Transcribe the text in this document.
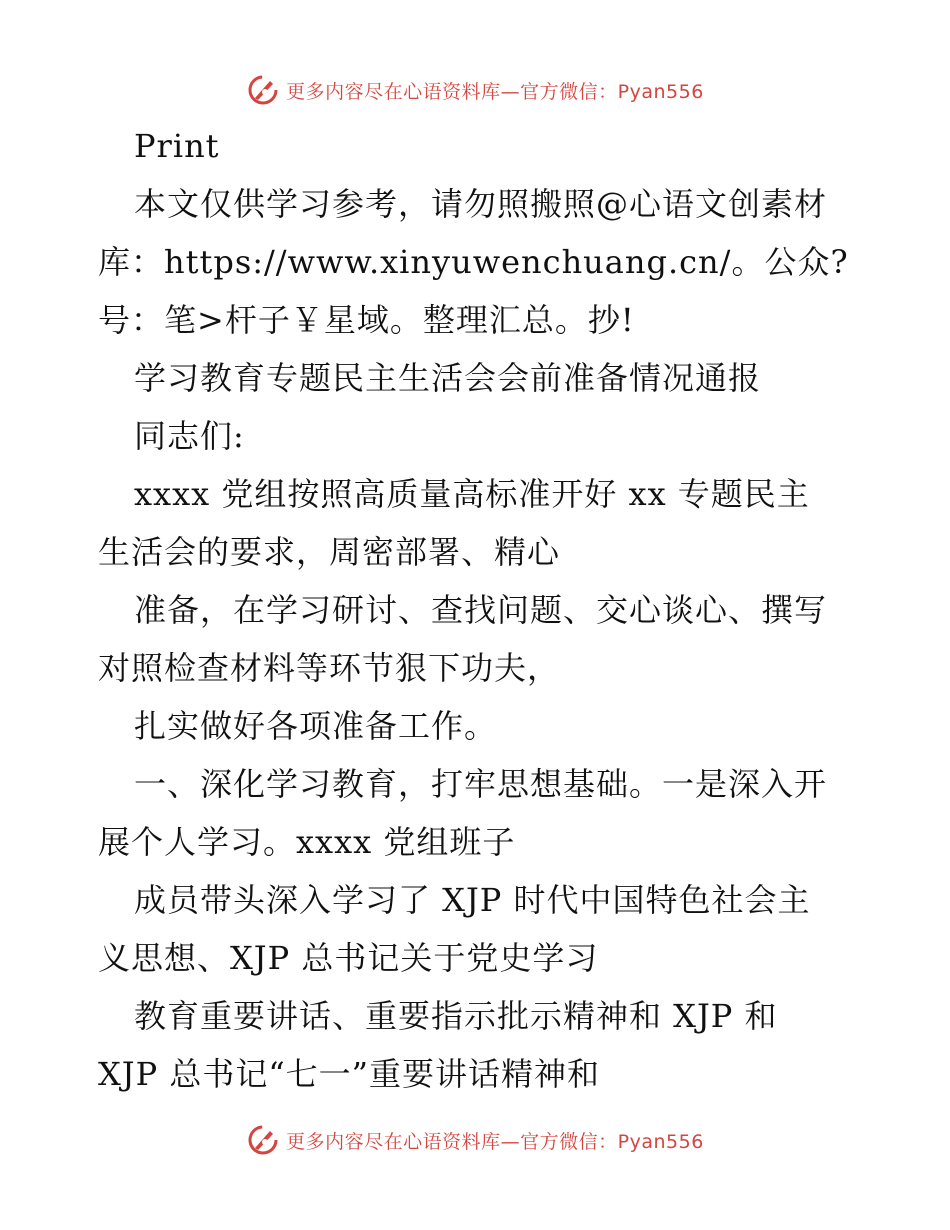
更多内容尽在心语资料库—官方微信：Pyan556
Print
本文仅供学习参考，请勿照搬照@心语文创素材
库：https://www.xinyuwenchuang.cn/。公众?
号：笔>杆子￥星域。整理汇总。抄!
学习教育专题民主生活会会前准备情况通报
同志们:
xxxx 党组按照高质量高标准开好 xx 专题民主
生活会的要求，周密部署、精心
准备，在学习研讨、查找问题、交心谈心、撰写
对照检查材料等环节狠下功夫，
扎实做好各项准备工作。
一、深化学习教育，打牢思想基础。一是深入开
展个人学习。xxxx 党组班子
成员带头深入学习了 XJP 时代中国特色社会主
义思想、XJP 总书记关于党史学习
教育重要讲话、重要指示批示精神和 XJP 和
XJP 总书记“七一”重要讲话精神和
更多内容尽在心语资料库—官方微信：Pyan556
